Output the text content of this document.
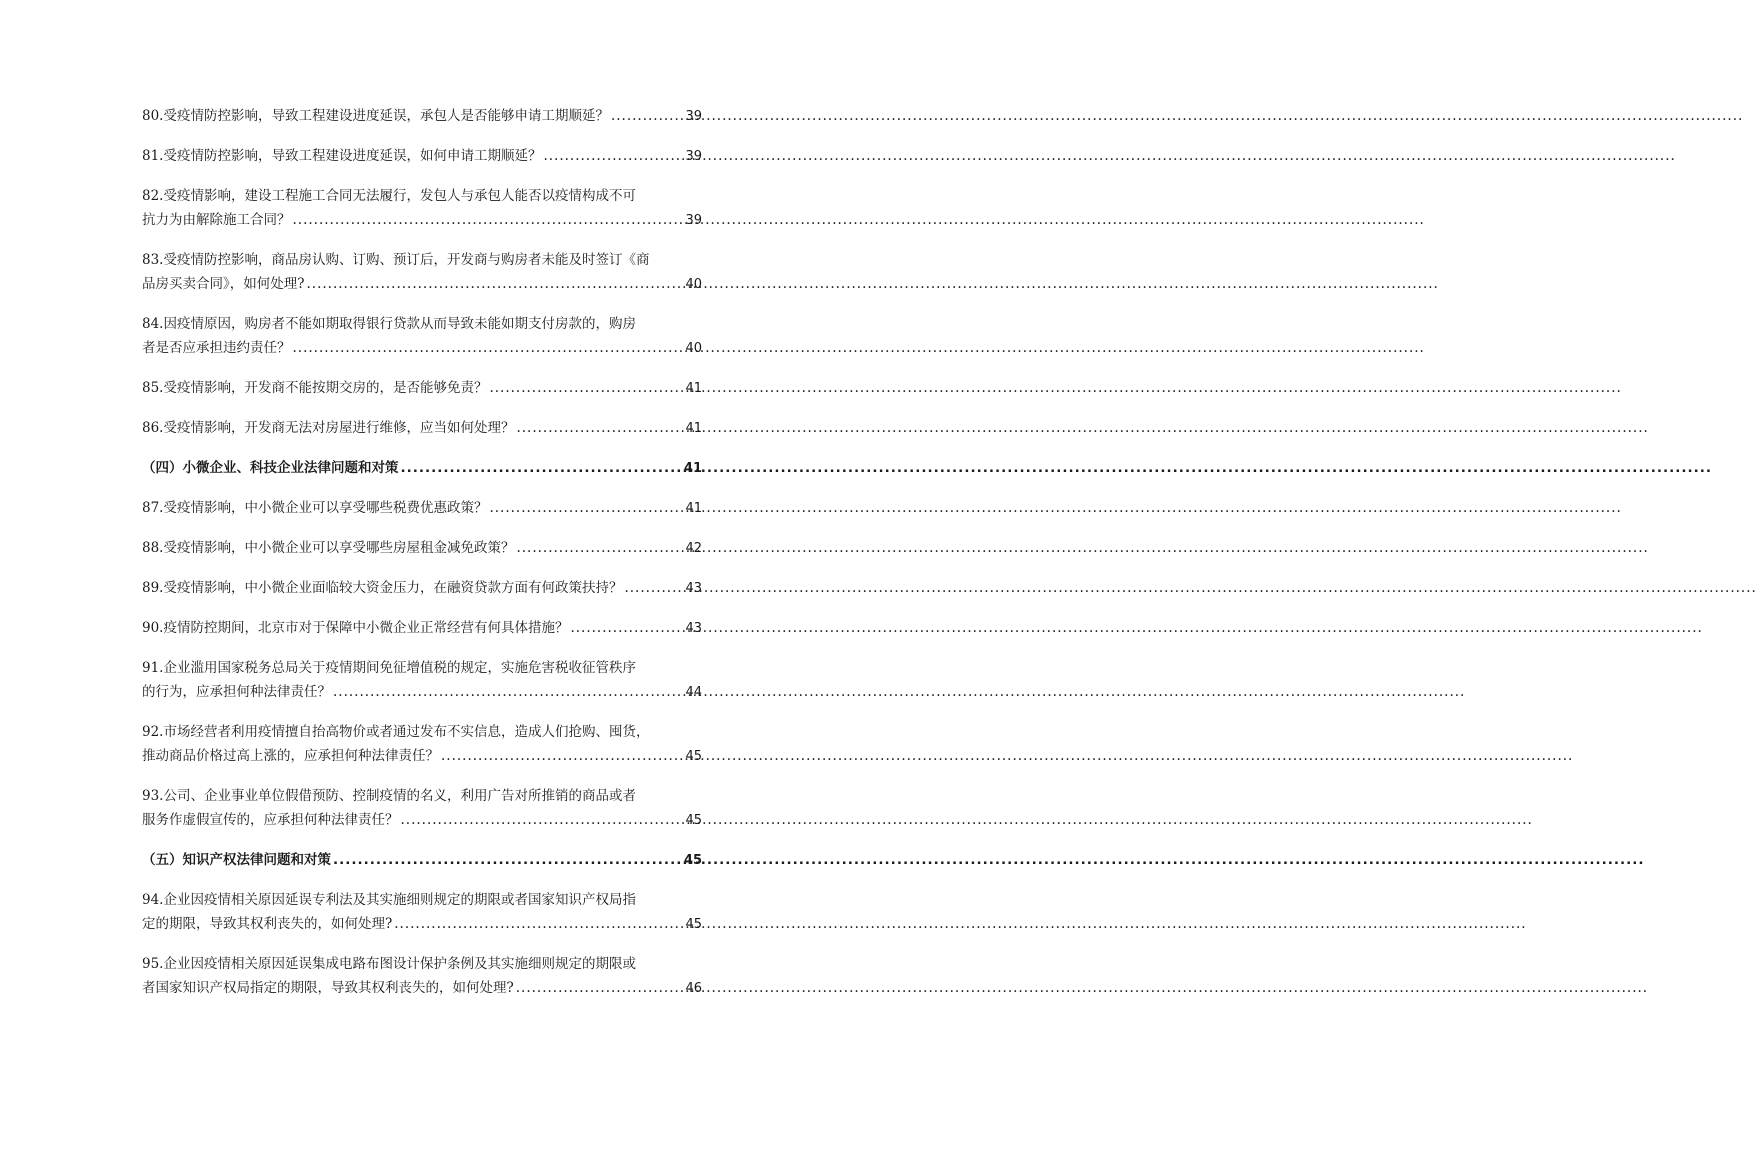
80.受疫情防控影响，导致工程建设进度延误，承包人是否能够申请工期顺延？ .....	39
81.受疫情防控影响，导致工程建设进度延误，如何申请工期顺延？ .....	39
82.受疫情影响，建设工程施工合同无法履行，发包人与承包人能否以疫情构成不可
抗力为由解除施工合同？ .....	39
83.受疫情防控影响，商品房认购、订购、预订后，开发商与购房者未能及时签订《商
品房买卖合同》，如何处理? .....	40
84.因疫情原因，购房者不能如期取得银行贷款从而导致未能如期支付房款的，购房
者是否应承担违约责任？ .....	40
85.受疫情影响，开发商不能按期交房的，是否能够免责？ .....	41
86.受疫情影响，开发商无法对房屋进行维修，应当如何处理？ .....	41
（四）小微企业、科技企业法律问题和对策 .....	41
87.受疫情影响，中小微企业可以享受哪些税费优惠政策？ .....	41
88.受疫情影响，中小微企业可以享受哪些房屋租金减免政策？ .....	42
89.受疫情影响，中小微企业面临较大资金压力，在融资贷款方面有何政策扶持？ .....	43
90.疫情防控期间，北京市对于保障中小微企业正常经营有何具体措施？ .....	43
91.企业滥用国家税务总局关于疫情期间免征增值税的规定，实施危害税收征管秩序
的行为，应承担何种法律责任？ .....	44
92.市场经营者利用疫情擅自抬高物价或者通过发布不实信息，造成人们抢购、囤货，
推动商品价格过高上涨的，应承担何种法律责任？ .....	45
93.公司、企业事业单位假借预防、控制疫情的名义，利用广告对所推销的商品或者
服务作虚假宣传的，应承担何种法律责任？ .....	45
（五）知识产权法律问题和对策 .....	45
94.企业因疫情相关原因延误专利法及其实施细则规定的期限或者国家知识产权局指
定的期限，导致其权利丧失的，如何处理? .....	45
95.企业因疫情相关原因延误集成电路布图设计保护条例及其实施细则规定的期限或
者国家知识产权局指定的期限，导致其权利丧失的，如何处理? .....	46
